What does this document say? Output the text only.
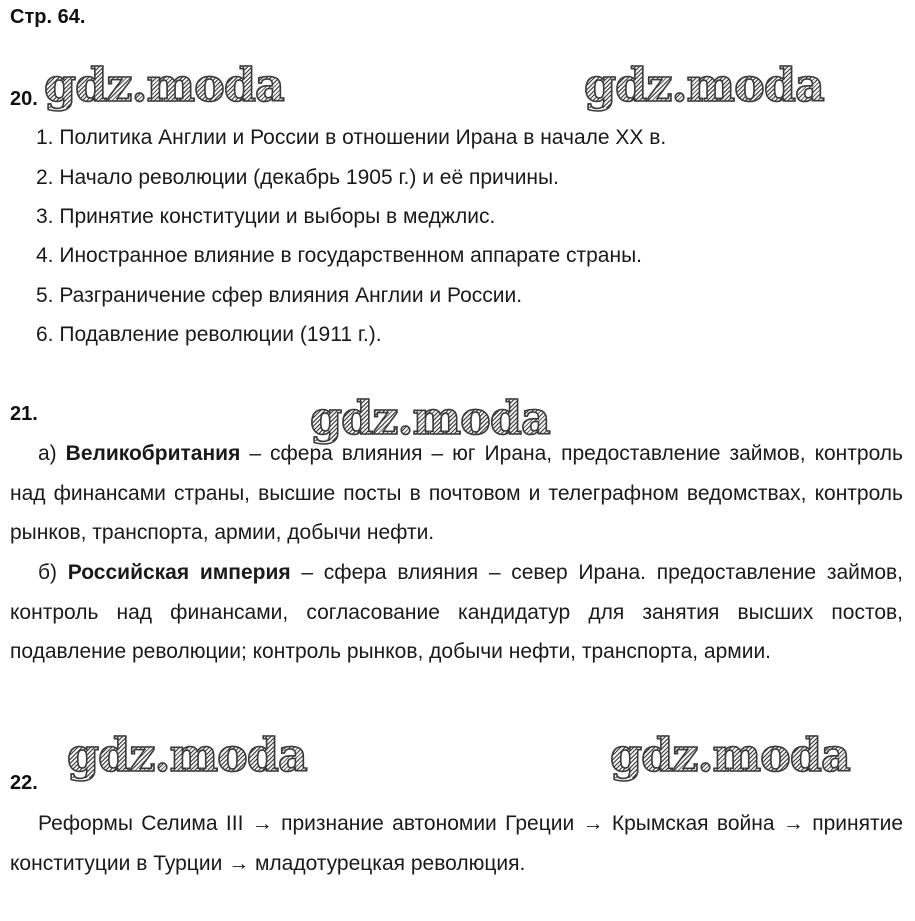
Стр. 64.
gdz.moda	gdz.moda
gdz.moda
gdz.moda	gdz.moda
20.
1. Политика Англии и России в отношении Ирана в начале XX в.
2. Начало революции (декабрь 1905 г.) и её причины.
3. Принятие конституции и выборы в меджлис.
4. Иностранное влияние в государственном аппарате страны.
5. Разграничение сфер влияния Англии и России.
6. Подавление революции (1911 г.).
21.
а) Великобритания – сфера влияния – юг Ирана, предоставление займов, контроль над финансами страны, высшие посты в почтовом и телеграфном ведомствах, контроль рынков, транспорта, армии, добычи нефти.
б) Российская империя – сфера влияния – север Ирана. предоставление займов, контроль над финансами, согласование кандидатур для занятия высших постов, подавление революции; контроль рынков, добычи нефти, транспорта, армии.
22.
Реформы Селима III → признание автономии Греции → Крымская война → принятие конституции в Турции → младотурецкая революция.
